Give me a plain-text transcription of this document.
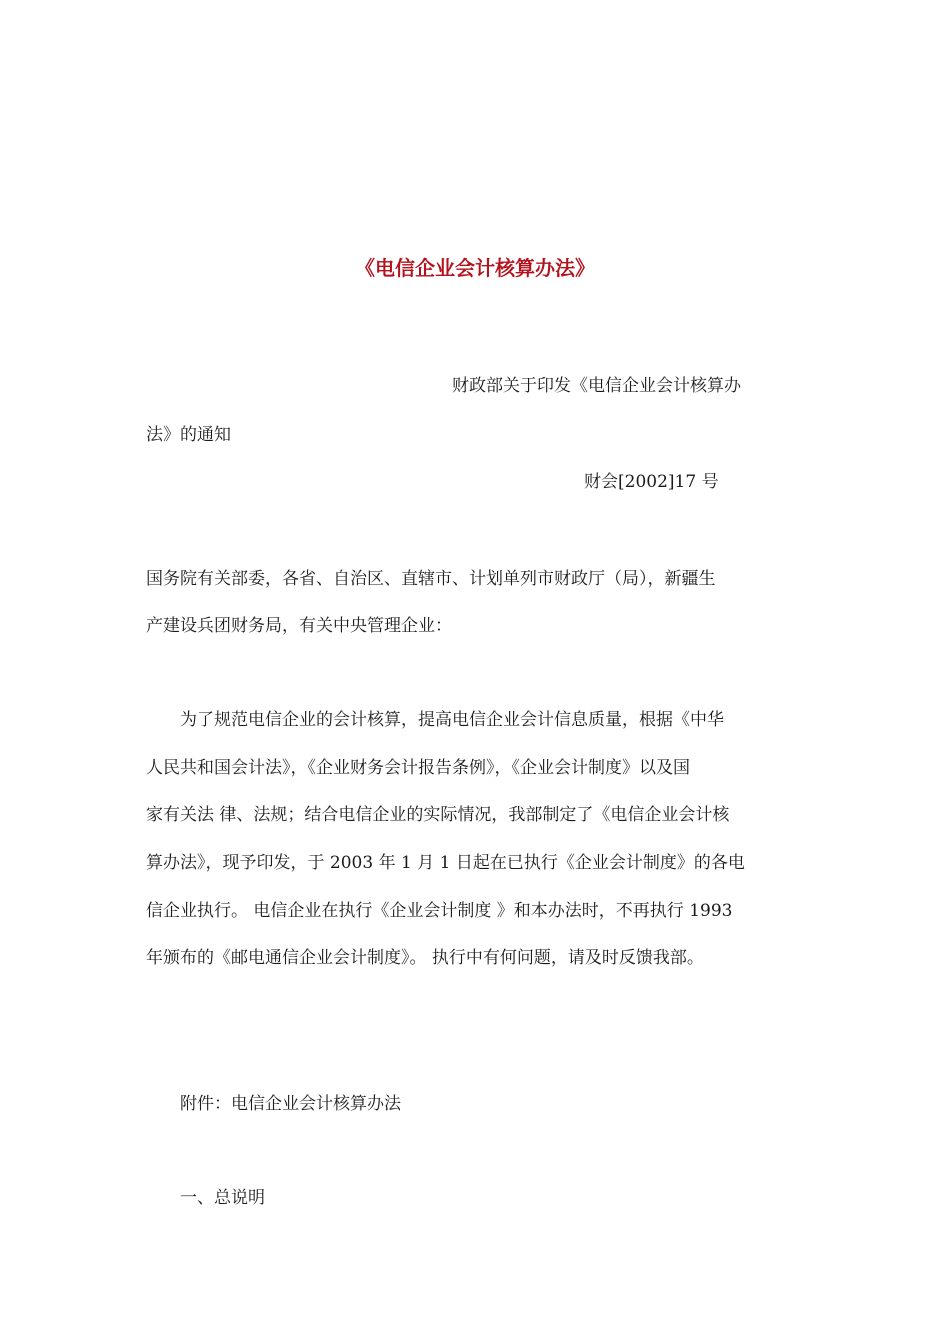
《电信企业会计核算办法》
财政部关于印发《电信企业会计核算办
法》的通知
财会[2002]17 号
国务院有关部委，各省、自治区、直辖市、计划单列市财政厅（局），新疆生
产建设兵团财务局，有关中央管理企业：
为了规范电信企业的会计核算，提高电信企业会计信息质量，根据《中华
人民共和国会计法》，《企业财务会计报告条例》，《企业会计制度》以及国
家有关法 律、法规；结合电信企业的实际情况，我部制定了《电信企业会计核
算办法》，现予印发，于 2003 年 1 月 1 日起在已执行《企业会计制度》的各电
信企业执行。 电信企业在执行《企业会计制度 》和本办法时，不再执行 1993
年颁布的《邮电通信企业会计制度》。 执行中有何问题，请及时反馈我部。
附件：电信企业会计核算办法
一、总说明
